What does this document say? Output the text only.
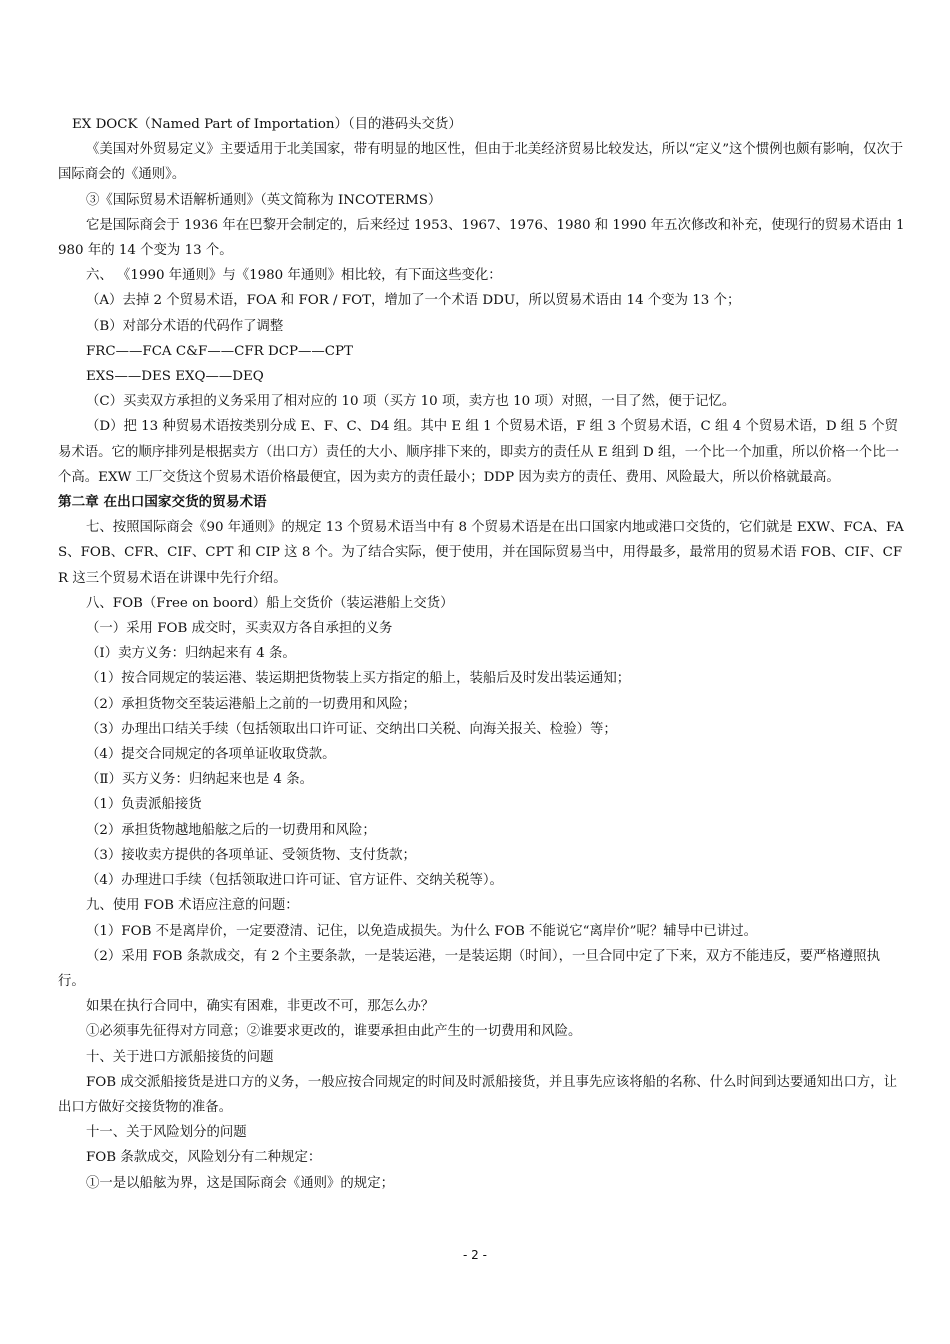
EX DOCK（Named Part of Importation）（目的港码头交货）

《美国对外贸易定义》主要适用于北美国家，带有明显的地区性，但由于北美经济贸易比较发达，所以“定义”这个惯例也颇有影响，仅次于国际商会的《通则》。

③《国际贸易术语解析通则》（英文简称为 INCOTERMS）

它是国际商会于 1936 年在巴黎开会制定的，后来经过 1953、1967、1976、1980 和 1990 年五次修改和补充，使现行的贸易术语由 1980 年的 14 个变为 13 个。

六、 《1990 年通则》与《1980 年通则》相比较，有下面这些变化：

（A）去掉 2 个贸易术语，FOA 和 FOR / FOT，增加了一个术语 DDU，所以贸易术语由 14 个变为 13 个；

（B）对部分术语的代码作了调整

FRC——FCA C&F——CFR DCP——CPT

EXS——DES EXQ——DEQ

（C）买卖双方承担的义务采用了相对应的 10 项（买方 10 项，卖方也 10 项）对照，一目了然，便于记忆。

（D）把 13 种贸易术语按类别分成 E、F、C、D4 组。其中 E 组 1 个贸易术语，F 组 3 个贸易术语，C 组 4 个贸易术语，D 组 5 个贸易术语。它的顺序排列是根据卖方（出口方）责任的大小、顺序排下来的，即卖方的责任从 E 组到 D 组，一个比一个加重，所以价格一个比一个高。EXW 工厂交货这个贸易术语价格最便宜，因为卖方的责任最小；DDP 因为卖方的责任、费用、风险最大，所以价格就最高。

第二章 在出口国家交货的贸易术语

七、按照国际商会《90 年通则》的规定 13 个贸易术语当中有 8 个贸易术语是在出口国家内地或港口交货的，它们就是 EXW、FCA、FAS、FOB、CFR、CIF、CPT 和 CIP 这 8 个。为了结合实际，便于使用，并在国际贸易当中，用得最多，最常用的贸易术语 FOB、CIF、CFR 这三个贸易术语在讲课中先行介绍。

八、FOB（Free on boord）船上交货价（装运港船上交货）

（一）采用 FOB 成交时，买卖双方各自承担的义务

（I）卖方义务：归纳起来有 4 条。

（1）按合同规定的装运港、装运期把货物装上买方指定的船上，装船后及时发出装运通知；

（2）承担货物交至装运港船上之前的一切费用和风险；

（3）办理出口结关手续（包括领取出口许可证、交纳出口关税、向海关报关、检验）等；

（4）提交合同规定的各项单证收取贷款。

（Ⅱ）买方义务：归纳起来也是 4 条。

（1）负责派船接货

（2）承担货物越地船舷之后的一切费用和风险；

（3）接收卖方提供的各项单证、受领货物、支付货款；

（4）办理进口手续（包括领取进口许可证、官方证件、交纳关税等）。

九、使用 FOB 术语应注意的问题：

（1）FOB 不是离岸价，一定要澄清、记住，以免造成损失。为什么 FOB 不能说它“离岸价”呢？辅导中已讲过。

（2）采用 FOB 条款成交，有 2 个主要条款，一是装运港，一是装运期（时间），一旦合同中定了下来，双方不能违反，要严格遵照执行。

如果在执行合同中，确实有困难，非更改不可，那怎么办？

①必须事先征得对方同意；②谁要求更改的，谁要承担由此产生的一切费用和风险。

十、关于进口方派船接货的问题

FOB 成交派船接货是进口方的义务，一般应按合同规定的时间及时派船接货，并且事先应该将船的名称、什么时间到达要通知出口方，让出口方做好交接货物的准备。

十一、关于风险划分的问题

FOB 条款成交，风险划分有二种规定：

①一是以船舷为界，这是国际商会《通则》的规定；

- 2 -
